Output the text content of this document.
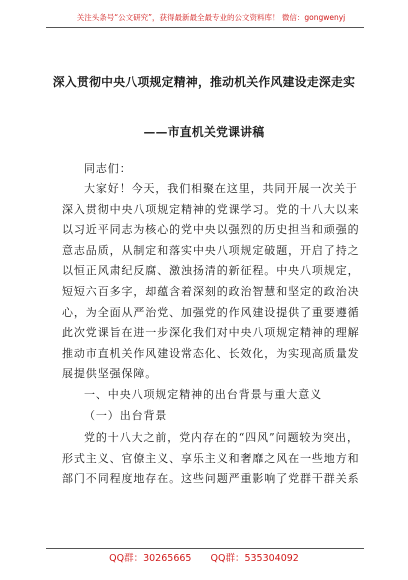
关注头条号“公文研究”，获得最新最全最专业的公文资料库！ 微信：gongwenyj
深入贯彻中央八项规定精神，推动机关作风建设走深走实
——市直机关党课讲稿
同志们：
大家好！今天，我们相聚在这里，共同开展一次关于
深入贯彻中央八项规定精神的党课学习。党的十八大以来
以习近平同志为核心的党中央以强烈的历史担当和顽强的
意志品质，从制定和落实中央八项规定破题，开启了持之
以恒正风肃纪反腐、激浊扬清的新征程。中央八项规定，
短短六百多字，却蕴含着深刻的政治智慧和坚定的政治决
心，为全面从严治党、加强党的作风建设提供了重要遵循
此次党课旨在进一步深化我们对中央八项规定精神的理解
推动市直机关作风建设常态化、长效化，为实现高质量发
展提供坚强保障。
一、中央八项规定精神的出台背景与重大意义
（一）出台背景
党的十八大之前，党内存在的“四风”问题较为突出，
形式主义、官僚主义、享乐主义和奢靡之风在一些地方和
部门不同程度地存在。这些问题严重影响了党群干群关系
QQ群：30265665 QQ群：535304092
